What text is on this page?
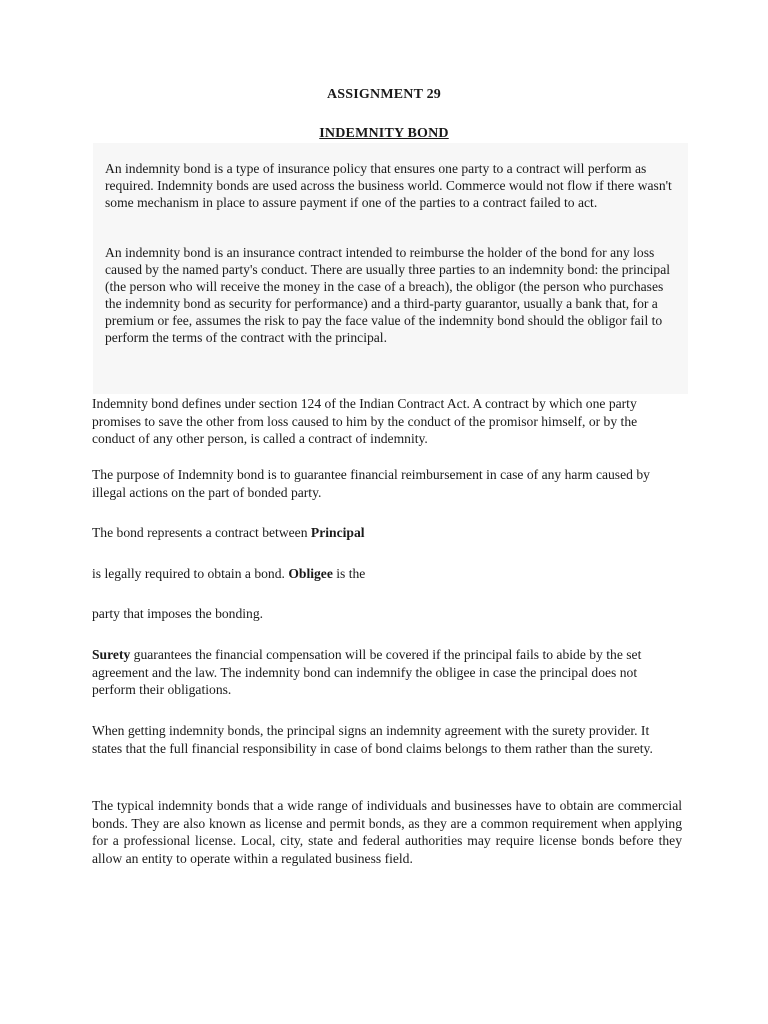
ASSIGNMENT 29
INDEMNITY BOND

An indemnity bond is a type of insurance policy that ensures one party to a contract will perform as required. Indemnity bonds are used across the business world. Commerce would not flow if there wasn't some mechanism in place to assure payment if one of the parties to a contract failed to act.

An indemnity bond is an insurance contract intended to reimburse the holder of the bond for any loss caused by the named party's conduct. There are usually three parties to an indemnity bond: the principal (the person who will receive the money in the case of a breach), the obligor (the person who purchases the indemnity bond as security for performance) and a third-party guarantor, usually a bank that, for a premium or fee, assumes the risk to pay the face value of the indemnity bond should the obligor fail to perform the terms of the contract with the principal.

Indemnity bond defines under section 124 of the Indian Contract Act. A contract by which one party promises to save the other from loss caused to him by the conduct of the promisor himself, or by the conduct of any other person, is called a contract of indemnity.

The purpose of Indemnity bond is to guarantee financial reimbursement in case of any harm caused by illegal actions on the part of bonded party.

The bond represents a contract between Principal

is legally required to obtain a bond. Obligee is the

party that imposes the bonding.

Surety guarantees the financial compensation will be covered if the principal fails to abide by the set agreement and the law. The indemnity bond can indemnify the obligee in case the principal does not perform their obligations.

When getting indemnity bonds, the principal signs an indemnity agreement with the surety provider. It states that the full financial responsibility in case of bond claims belongs to them rather than the surety.

The typical indemnity bonds that a wide range of individuals and businesses have to obtain are commercial bonds. They are also known as license and permit bonds, as they are a common requirement when applying for a professional license. Local, city, state and federal authorities may require license bonds before they allow an entity to operate within a regulated business field.
